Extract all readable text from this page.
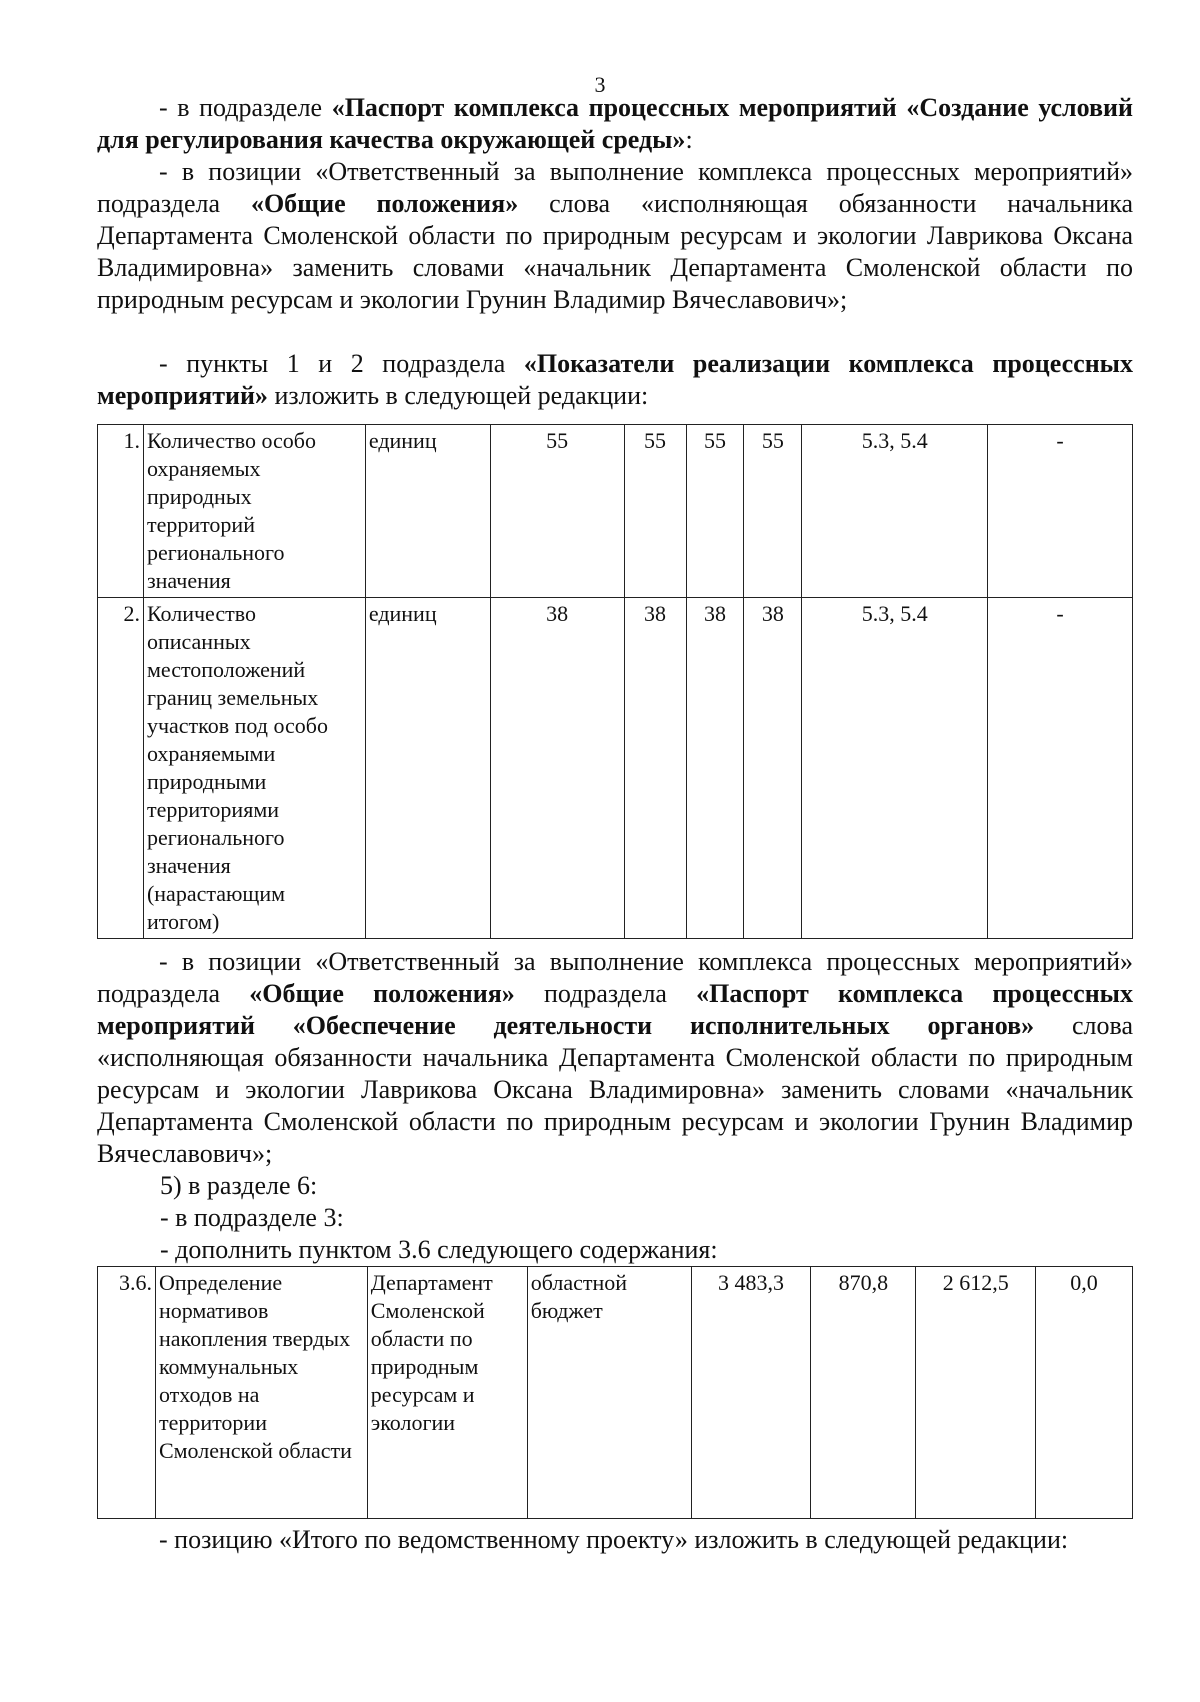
3

- в подразделе «Паспорт комплекса процессных мероприятий «Создание условий для регулирования качества окружающей среды»:

- в позиции «Ответственный за выполнение комплекса процессных мероприятий» подраздела «Общие положения» слова «исполняющая обязанности начальника Департамента Смоленской области по природным ресурсам и экологии Лаврикова Оксана Владимировна» заменить словами «начальник Департамента Смоленской области по природным ресурсам и экологии Грунин Владимир Вячеславович»;

- пункты 1 и 2 подраздела «Показатели реализации комплекса процессных мероприятий» изложить в следующей редакции:

1.	Количество особо охраняемых природных территорий регионального значения	единиц	55	55	55	55	5.3, 5.4	-
2.	Количество описанных местоположений границ земельных участков под особо охраняемыми природными территориями регионального значения (нарастающим итогом)	единиц	38	38	38	38	5.3, 5.4	-

- в позиции «Ответственный за выполнение комплекса процессных мероприятий» подраздела «Общие положения» подраздела «Паспорт комплекса процессных мероприятий «Обеспечение деятельности исполнительных органов» слова «исполняющая обязанности начальника Департамента Смоленской области по природным ресурсам и экологии Лаврикова Оксана Владимировна» заменить словами «начальник Департамента Смоленской области по природным ресурсам и экологии Грунин Владимир Вячеславович»;

5) в разделе 6:

- в подразделе 3:

- дополнить пунктом 3.6 следующего содержания:

3.6.	Определение нормативов накопления твердых коммунальных отходов на территории Смоленской области	Департамент Смоленской области по природным ресурсам и экологии	областной бюджет	3 483,3	870,8	2 612,5	0,0

- позицию «Итого по ведомственному проекту» изложить в следующей редакции:
